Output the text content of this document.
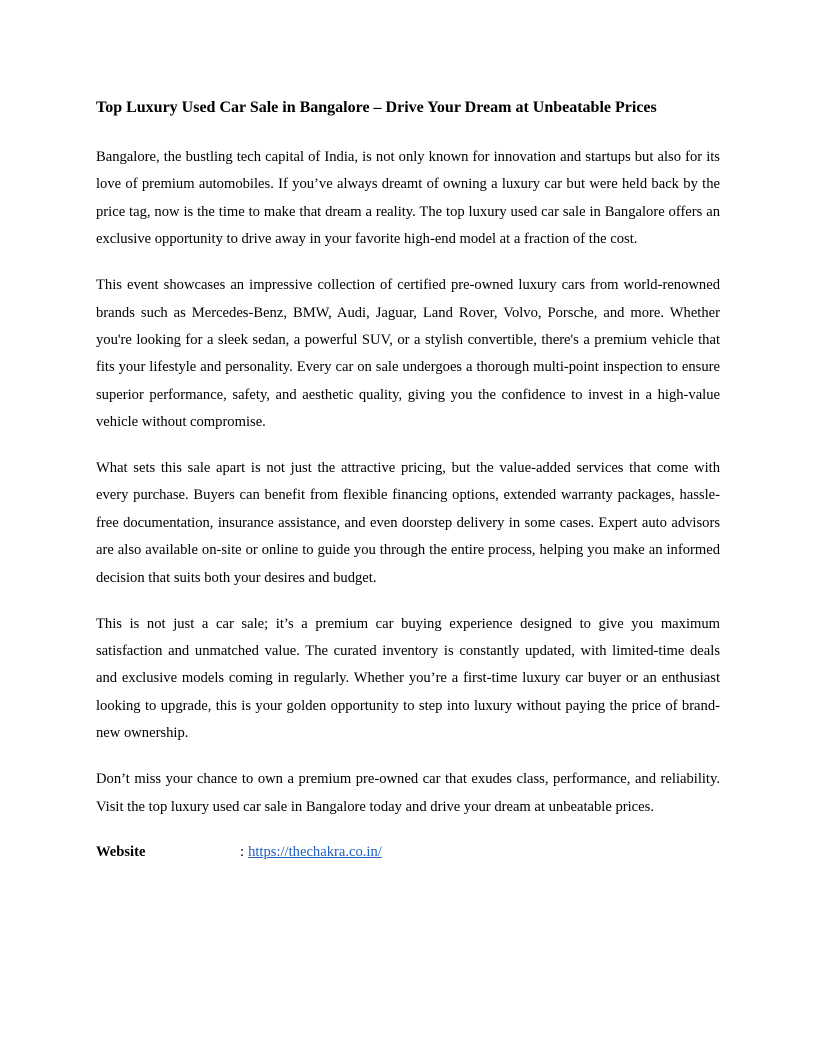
Top Luxury Used Car Sale in Bangalore – Drive Your Dream at Unbeatable Prices

Bangalore, the bustling tech capital of India, is not only known for innovation and startups but also for its love of premium automobiles. If you’ve always dreamt of owning a luxury car but were held back by the price tag, now is the time to make that dream a reality. The top luxury used car sale in Bangalore offers an exclusive opportunity to drive away in your favorite high-end model at a fraction of the cost.

This event showcases an impressive collection of certified pre-owned luxury cars from world-renowned brands such as Mercedes-Benz, BMW, Audi, Jaguar, Land Rover, Volvo, Porsche, and more. Whether you're looking for a sleek sedan, a powerful SUV, or a stylish convertible, there's a premium vehicle that fits your lifestyle and personality. Every car on sale undergoes a thorough multi-point inspection to ensure superior performance, safety, and aesthetic quality, giving you the confidence to invest in a high-value vehicle without compromise.

What sets this sale apart is not just the attractive pricing, but the value-added services that come with every purchase. Buyers can benefit from flexible financing options, extended warranty packages, hassle-free documentation, insurance assistance, and even doorstep delivery in some cases. Expert auto advisors are also available on-site or online to guide you through the entire process, helping you make an informed decision that suits both your desires and budget.

This is not just a car sale; it’s a premium car buying experience designed to give you maximum satisfaction and unmatched value. The curated inventory is constantly updated, with limited-time deals and exclusive models coming in regularly. Whether you’re a first-time luxury car buyer or an enthusiast looking to upgrade, this is your golden opportunity to step into luxury without paying the price of brand-new ownership.

Don’t miss your chance to own a premium pre-owned car that exudes class, performance, and reliability. Visit the top luxury used car sale in Bangalore today and drive your dream at unbeatable prices.

Website	: https://thechakra.co.in/
